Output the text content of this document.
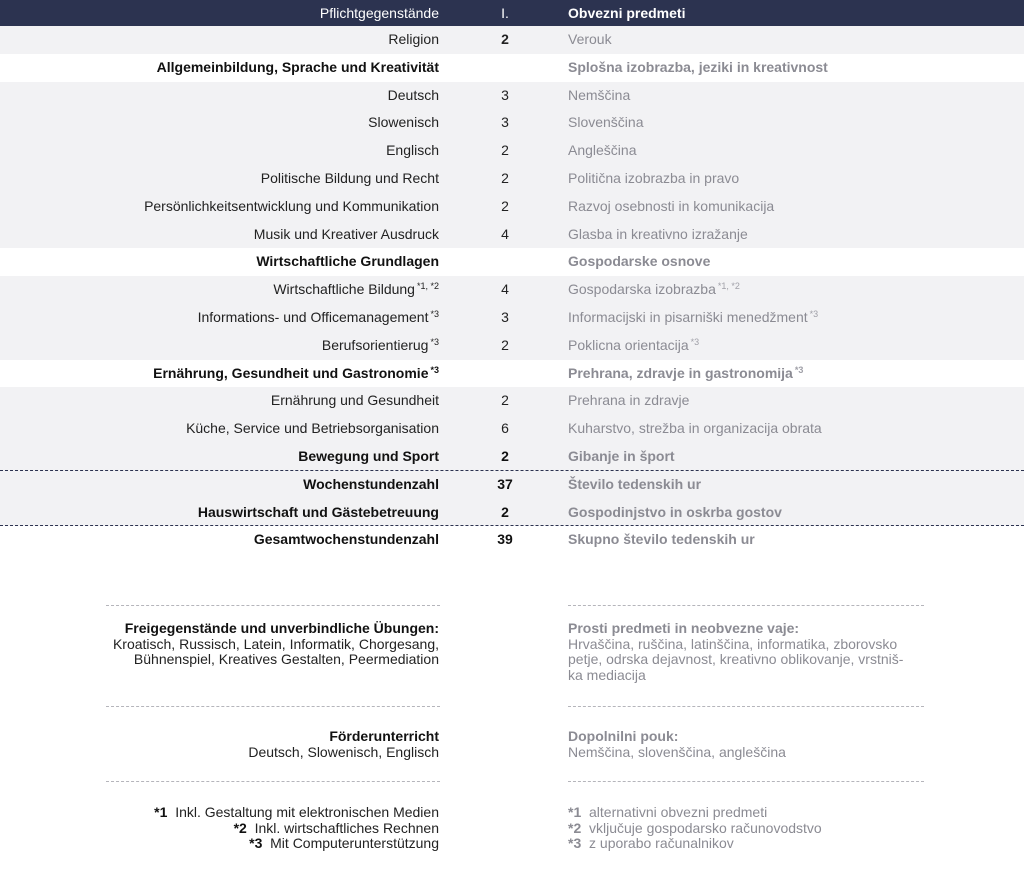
Pflichtgegenstände	I.	Obvezni predmeti
Religion	2	Verouk
Allgemeinbildung, Sprache und Kreativität	Splošna izobrazba, jeziki in kreativnost
Deutsch	3	Nemščina
Slowenisch	3	Slovenščina
Englisch	2	Angleščina
Politische Bildung und Recht	2	Politična izobrazba in pravo
Persönlichkeitsentwicklung und Kommunikation	2	Razvoj osebnosti in komunikacija
Musik und Kreativer Ausdruck	4	Glasba in kreativno izražanje
Wirtschaftliche Grundlagen	Gospodarske osnove
Wirtschaftliche Bildung $^{*1, *2}$	4	Gospodarska izobrazba $^{*1, *2}$
Informations- und Officemanagement $^{*3}$	3	Informacijski in pisarniški menedžment $^{*3}$
Berufsorientierug $^{*3}$	2	Poklicna orientacija $^{*3}$
Ernährung, Gesundheit und Gastronomie $^{*3}$	Prehrana, zdravje in gastronomija $^{*3}$
Ernährung und Gesundheit	2	Prehrana in zdravje
Küche, Service und Betriebsorganisation	6	Kuharstvo, strežba in organizacija obrata
Bewegung und Sport	2	Gibanje in šport
Wochenstundenzahl	37	Število tedenskih ur
Hauswirtschaft und Gästebetreuung	2	Gospodinjstvo in oskrba gostov
Gesamtwochenstundenzahl	39	Skupno število tedenskih ur
Freigegenstände und unverbindliche Übungen:
Kroatisch, Russisch, Latein, Informatik, Chorgesang,
Bühnenspiel, Kreatives Gestalten, Peermediation
Prosti predmeti in neobvezne vaje:
Hrvaščina, ruščina, latinščina, informatika, zborovsko
petje, odrska dejavnost, kreativno oblikovanje, vrstniš-
ka mediacija
Förderunterricht
Deutsch, Slowenisch, Englisch
Dopolnilni pouk:
Nemščina, slovenščina, angleščina
*1 Inkl. Gestaltung mit elektronischen Medien
*2 Inkl. wirtschaftliches Rechnen
*3 Mit Computerunterstützung
*1 alternativni obvezni predmeti
*2 vključuje gospodarsko računovodstvo
*3 z uporabo računalnikov
